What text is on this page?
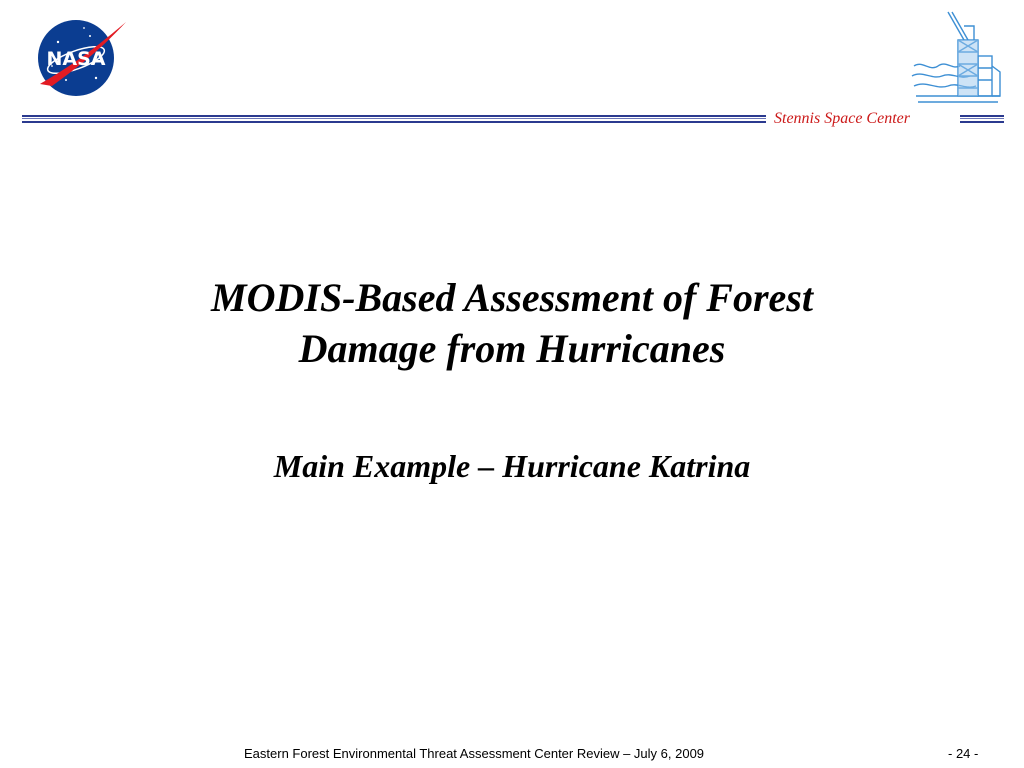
NASA
Stennis Space Center
MODIS-Based Assessment of Forest
Damage from Hurricanes
Main Example – Hurricane Katrina
Eastern Forest Environmental Threat Assessment Center Review – July 6, 2009	- 24 -
